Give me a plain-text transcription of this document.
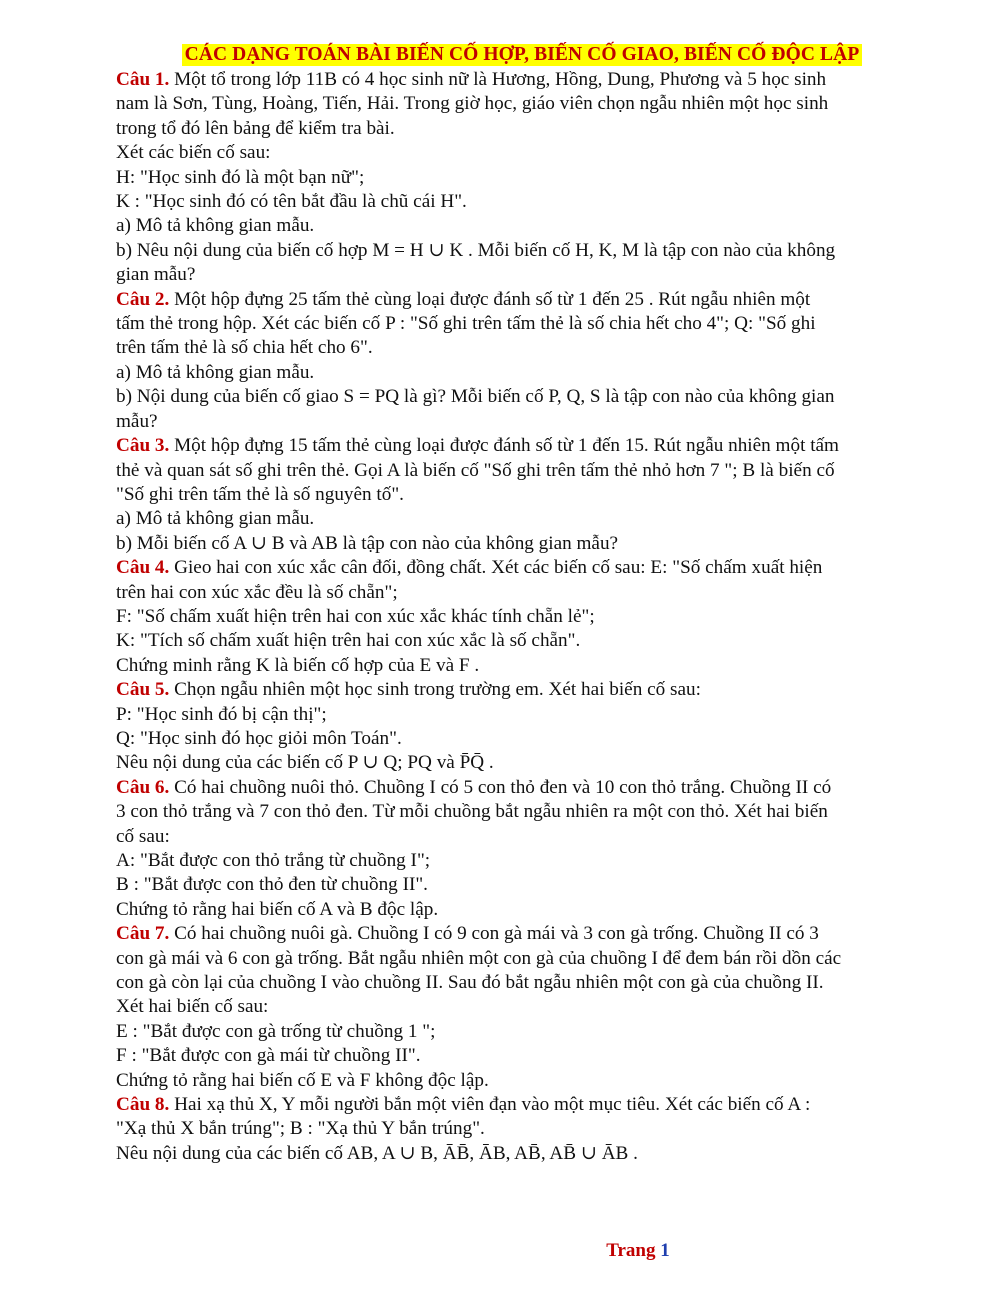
CÁC DẠNG TOÁN BÀI BIẾN CỐ HỢP, BIẾN CỐ GIAO, BIẾN CỐ ĐỘC LẬP
Câu 1. Một tổ trong lớp 11B có 4 học sinh nữ là Hương, Hồng, Dung, Phương và 5 học sinh
nam là Sơn, Tùng, Hoàng, Tiến, Hải. Trong giờ học, giáo viên chọn ngẫu nhiên một học sinh
trong tổ đó lên bảng để kiểm tra bài.
Xét các biến cố sau:
H: "Học sinh đó là một bạn nữ";
K : "Học sinh đó có tên bắt đầu là chũ cái H".
a) Mô tả không gian mẫu.
b) Nêu nội dung của biến cố hợp M = H ∪ K . Mỗi biến cố H, K, M là tập con nào của không
gian mẫu?
Câu 2. Một hộp đựng 25 tấm thẻ cùng loại được đánh số từ 1 đến 25 . Rút ngẫu nhiên một
tấm thẻ trong hộp. Xét các biến cố P : "Số ghi trên tấm thẻ là số chia hết cho 4"; Q: "Số ghi
trên tấm thẻ là số chia hết cho 6".
a) Mô tả không gian mẫu.
b) Nội dung của biến cố giao S = PQ là gì? Mỗi biến cố P, Q, S là tập con nào của không gian
mẫu?
Câu 3. Một hộp đựng 15 tấm thẻ cùng loại được đánh số từ 1 đến 15. Rút ngẫu nhiên một tấm
thẻ và quan sát số ghi trên thẻ. Gọi A là biến cố "Số ghi trên tấm thẻ nhỏ hơn 7 "; B là biến cố
"Số ghi trên tấm thẻ là số nguyên tố".
a) Mô tả không gian mẫu.
b) Mỗi biến cố A ∪ B và AB là tập con nào của không gian mẫu?
Câu 4. Gieo hai con xúc xắc cân đối, đồng chất. Xét các biến cố sau: E: "Số chấm xuất hiện
trên hai con xúc xắc đều là số chẵn";
F: "Số chấm xuất hiện trên hai con xúc xắc khác tính chẵn lẻ";
K: "Tích số chấm xuất hiện trên hai con xúc xắc là số chẵn".
Chứng minh rằng K là biến cố hợp của E và F .
Câu 5. Chọn ngẫu nhiên một học sinh trong trường em. Xét hai biến cố sau:
P: "Học sinh đó bị cận thị";
Q: "Học sinh đó học giỏi môn Toán".
Nêu nội dung của các biến cố P ∪ Q; PQ và P̄Q̄ .
Câu 6. Có hai chuồng nuôi thỏ. Chuồng I có 5 con thỏ đen và 10 con thỏ trắng. Chuồng II có
3 con thỏ trắng và 7 con thỏ đen. Từ mỗi chuồng bắt ngẫu nhiên ra một con thỏ. Xét hai biến
cố sau:
A: "Bắt được con thỏ trắng từ chuồng I";
B : "Bắt được con thỏ đen từ chuồng II".
Chứng tỏ rằng hai biến cố A và B độc lập.
Câu 7. Có hai chuồng nuôi gà. Chuồng I có 9 con gà mái và 3 con gà trống. Chuồng II có 3
con gà mái và 6 con gà trống. Bắt ngẫu nhiên một con gà của chuồng I để đem bán rồi dồn các
con gà còn lại của chuồng I vào chuồng II. Sau đó bắt ngẫu nhiên một con gà của chuồng II.
Xét hai biến cố sau:
E : "Bắt được con gà trống từ chuồng 1 ";
F : "Bắt được con gà mái từ chuồng II".
Chứng tỏ rằng hai biến cố E và F không độc lập.
Câu 8. Hai xạ thủ X, Y mỗi người bắn một viên đạn vào một mục tiêu. Xét các biến cố A :
"Xạ thủ X bắn trúng"; B : "Xạ thủ Y bắn trúng".
Nêu nội dung của các biến cố AB, A ∪ B, ĀB̄, ĀB, AB̄, AB̄ ∪ ĀB .
Trang 1
